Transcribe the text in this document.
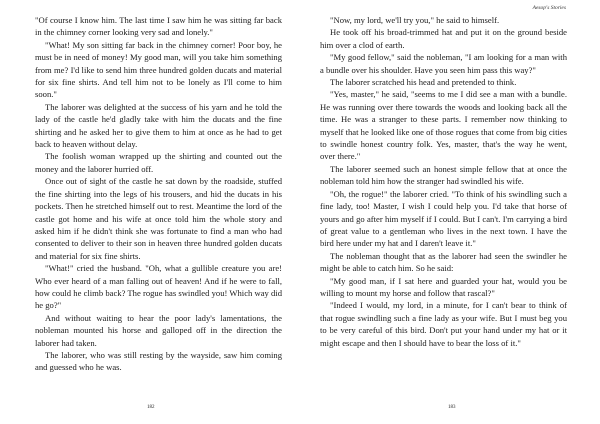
"Of course I know him. The last time I saw him he was sitting far back in the chimney corner looking very sad and lonely."

"What! My son sitting far back in the chimney corner! Poor boy, he must be in need of money! My good man, will you take him something from me? I'd like to send him three hundred golden ducats and material for six fine shirts. And tell him not to be lonely as I'll come to him soon."

The laborer was delighted at the success of his yarn and he told the lady of the castle he'd gladly take with him the ducats and the fine shirting and he asked her to give them to him at once as he had to get back to heaven without delay.

The foolish woman wrapped up the shirting and counted out the money and the laborer hurried off.

Once out of sight of the castle he sat down by the roadside, stuffed the fine shirting into the legs of his trousers, and hid the ducats in his pockets. Then he stretched himself out to rest. Meantime the lord of the castle got home and his wife at once told him the whole story and asked him if he didn't think she was fortunate to find a man who had consented to deliver to their son in heaven three hundred golden ducats and material for six fine shirts.

"What!" cried the husband. "Oh, what a gullible creature you are! Who ever heard of a man falling out of heaven! And if he were to fall, how could he climb back? The rogue has swindled you! Which way did he go?"

And without waiting to hear the poor lady's lamentations, the nobleman mounted his horse and galloped off in the direction the laborer had taken.

The laborer, who was still resting by the wayside, saw him coming and guessed who he was.

182
Aesop's Stories

"Now, my lord, we'll try you," he said to himself.

He took off his broad-trimmed hat and put it on the ground beside him over a clod of earth.

"My good fellow," said the nobleman, "I am looking for a man with a bundle over his shoulder. Have you seen him pass this way?"

The laborer scratched his head and pretended to think.

"Yes, master," he said, "seems to me I did see a man with a bundle. He was running over there towards the woods and looking back all the time. He was a stranger to these parts. I remember now thinking to myself that he looked like one of those rogues that come from big cities to swindle honest country folk. Yes, master, that's the way he went, over there."

The laborer seemed such an honest simple fellow that at once the nobleman told him how the stranger had swindled his wife.

"Oh, the rogue!" the laborer cried. "To think of his swindling such a fine lady, too! Master, I wish I could help you. I'd take that horse of yours and go after him myself if I could. But I can't. I'm carrying a bird of great value to a gentleman who lives in the next town. I have the bird here under my hat and I daren't leave it."

The nobleman thought that as the laborer had seen the swindler he might be able to catch him. So he said:

"My good man, if I sat here and guarded your hat, would you be willing to mount my horse and follow that rascal?"

"Indeed I would, my lord, in a minute, for I can't bear to think of that rogue swindling such a fine lady as your wife. But I must beg you to be very careful of this bird. Don't put your hand under my hat or it might escape and then I should have to bear the loss of it."

183
